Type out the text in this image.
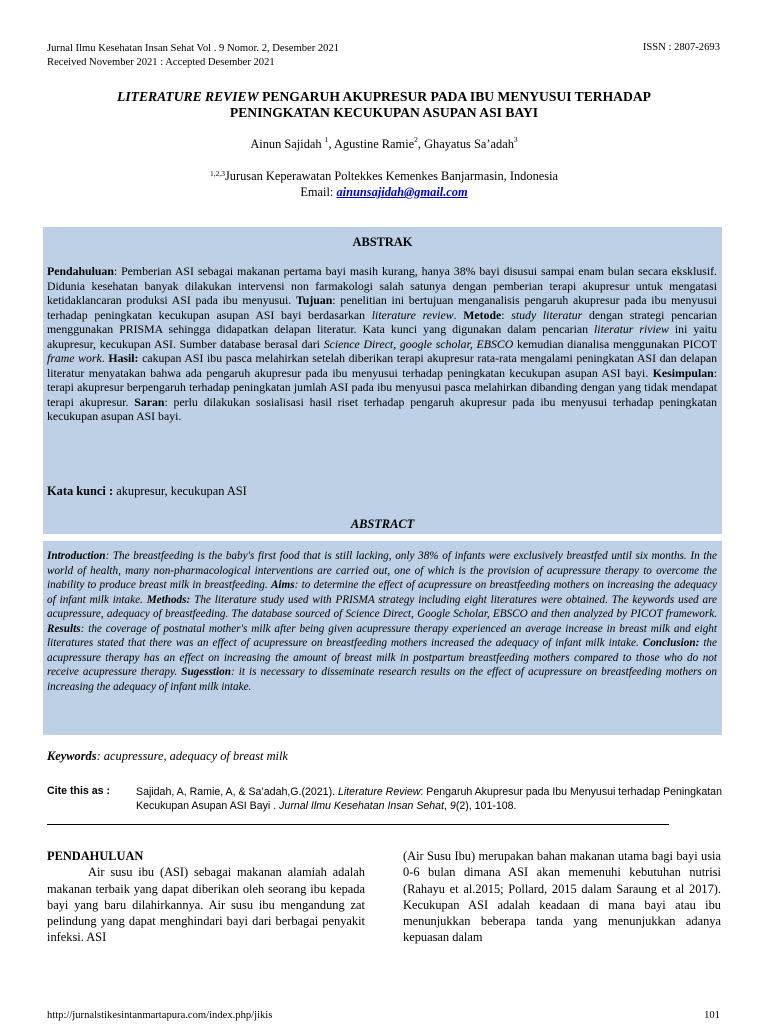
Jurnal Ilmu Kesehatan Insan Sehat Vol . 9 Nomor. 2, Desember 2021
Received November 2021 : Accepted Desember 2021
ISSN : 2807-2693
LITERATURE REVIEW PENGARUH AKUPRESUR PADA IBU MENYUSUI TERHADAP
PENINGKATAN KECUKUPAN ASUPAN ASI BAYI
Ainun Sajidah $^1$, Agustine Ramie$^2$, Ghayatus Sa’adah$^3$
$^{1,2,3}$Jurusan Keperawatan Poltekkes Kemenkes Banjarmasin, Indonesia
Email: ainunsajidah@gmail.com
ABSTRAK
Pendahuluan: Pemberian ASI sebagai makanan pertama bayi masih kurang, hanya 38% bayi disusui sampai enam bulan secara eksklusif. Didunia kesehatan banyak dilakukan intervensi non farmakologi salah satunya dengan pemberian terapi akupresur untuk mengatasi ketidaklancaran produksi ASI pada ibu menyusui. Tujuan: penelitian ini bertujuan menganalisis pengaruh akupresur pada ibu menyusui terhadap peningkatan kecukupan asupan ASI bayi berdasarkan literature review. Metode: study literatur dengan strategi pencarian menggunakan PRISMA sehingga didapatkan delapan literatur. Kata kunci yang digunakan dalam pencarian literatur riview ini yaitu akupresur, kecukupan ASI. Sumber database berasal dari Science Direct, google scholar, EBSCO kemudian dianalisa menggunakan PICOT frame work. Hasil: cakupan ASI ibu pasca melahirkan setelah diberikan terapi akupresur rata-rata mengalami peningkatan ASI dan delapan literatur menyatakan bahwa ada pengaruh akupresur pada ibu menyusui terhadap peningkatan kecukupan asupan ASI bayi. Kesimpulan: terapi akupresur berpengaruh terhadap peningkatan jumlah ASI pada ibu menyusui pasca melahirkan dibanding dengan yang tidak mendapat terapi akupresur. Saran: perlu dilakukan sosialisasi hasil riset terhadap pengaruh akupresur pada ibu menyusui terhadap peningkatan kecukupan asupan ASI bayi.
Kata kunci : akupresur, kecukupan ASI
ABSTRACT
Introduction: The breastfeeding is the baby's first food that is still lacking, only 38% of infants were exclusively breastfed until six months. In the world of health, many non-pharmacological interventions are carried out, one of which is the provision of acupressure therapy to overcome the inability to produce breast milk in breastfeeding. Aims: to determine the effect of acupressure on breastfeeding mothers on increasing the adequacy of infant milk intake. Methods: The literature study used with PRISMA strategy including eight literatures were obtained. The keywords used are acupressure, adequacy of breastfeeding. The database sourced of Science Direct, Google Scholar, EBSCO and then analyzed by PICOT framework. Results: the coverage of postnatal mother's milk after being given acupressure therapy experienced an average increase in breast milk and eight literatures stated that there was an effect of acupressure on breastfeeding mothers increased the adequacy of infant milk intake. Conclusion: the acupressure therapy has an effect on increasing the amount of breast milk in postpartum breastfeeding mothers compared to those who do not receive acupressure therapy. Sugesstion: it is necessary to disseminate research results on the effect of acupressure on breastfeeding mothers on increasing the adequacy of infant milk intake.
Keywords: acupressure, adequacy of breast milk
Cite this as : Sajidah, A, Ramie, A, & Sa’adah,G.(2021). Literature Review: Pengaruh Akupresur pada Ibu Menyusui terhadap Peningkatan Kecukupan Asupan ASI Bayi . Jurnal Ilmu Kesehatan Insan Sehat, 9(2), 101-108.
PENDAHULUAN
Air susu ibu (ASI) sebagai makanan alamiah adalah makanan terbaik yang dapat diberikan oleh seorang ibu kepada bayi yang baru dilahirkannya. Air susu ibu mengandung zat pelindung yang dapat menghindari bayi dari berbagai penyakit infeksi. ASI
(Air Susu Ibu) merupakan bahan makanan utama bagi bayi usia 0-6 bulan dimana ASI akan memenuhi kebutuhan nutrisi (Rahayu et al.2015; Pollard, 2015 dalam Saraung et al 2017). Kecukupan ASI adalah keadaan di mana bayi atau ibu menunjukkan beberapa tanda yang menunjukkan adanya kepuasan dalam
http://jurnalstikesintanmartapura.com/index.php/jikis	101
